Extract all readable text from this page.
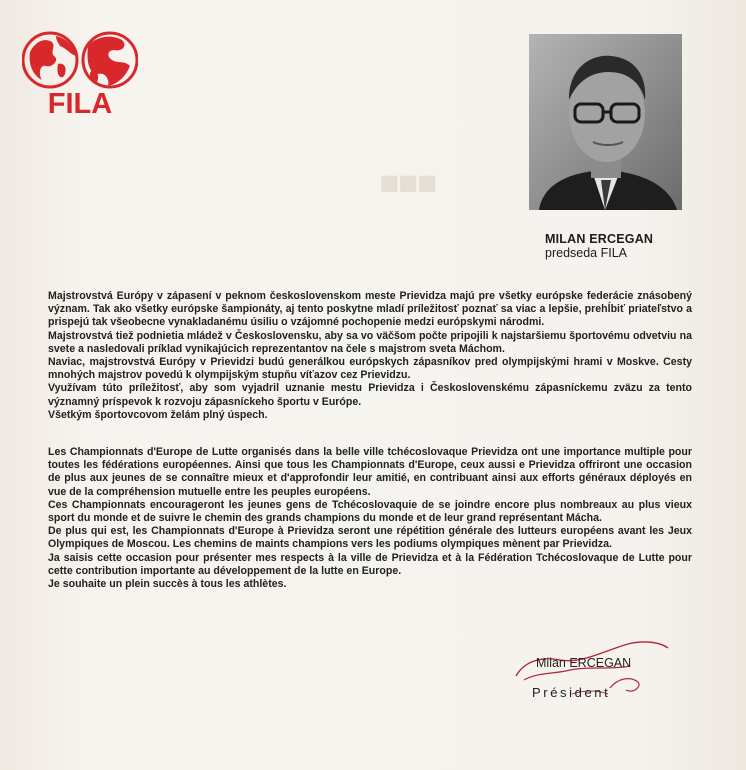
▩▩▩
FILA
MILAN ERCEGAN
predseda FILA

Majstrovstvá Európy v zápasení v peknom československom meste Prievidza majú pre všetky európske federácie znásobený význam. Tak ako všetky európske šampionáty, aj tento poskytne mladí príležitosť poznať sa viac a lepšie, prehĺbiť priateľstvo a prispejú tak všeobecne vynakladanému úsiliu o vzájomné pochopenie medzi európskymi národmi.

Majstrovstvá tiež podnietia mládež v Československu, aby sa vo väčšom počte pripojili k najstaršiemu športovému odvetviu na svete a nasledovali príklad vynikajúcich reprezentantov na čele s majstrom sveta Máchom.

Naviac, majstrovstvá Európy v Prievidzi budú generálkou európskych zápasníkov pred olympijskými hrami v Moskve. Cesty mnohých majstrov povedú k olympijským stupňu víťazov cez Prievidzu.

Využívam túto príležitosť, aby som vyjadril uznanie mestu Prievidza i Československému zápasníckemu zväzu za tento významný príspevok k rozvoju zápasníckeho športu v Európe.

Všetkým športovcovom želám plný úspech.

Les Championnats d'Europe de Lutte organisés dans la belle ville tchécoslovaque Prievidza ont une importance multiple pour toutes les fédérations européennes. Ainsi que tous les Championnats d'Europe, ceux aussi e Prievidza offriront une occasion de plus aux jeunes de se connaître mieux et d'approfondir leur amitié, en contribuant ainsi aux efforts généraux déployés en vue de la compréhension mutuelle entre les peuples européens.

Ces Championnats encourageront les jeunes gens de Tchécoslovaquie de se joindre encore plus nombreaux au plus vieux sport du monde et de suivre le chemin des grands champions du monde et de leur grand représentant Mácha.

De plus qui est, les Championnats d'Europe à Prievidza seront une répétition générale des lutteurs européens avant les Jeux Olympiques de Moscou. Les chemins de maints champions vers les podiums olympiques mènent par Prievidza.

Ja saisis cette occasion pour présenter mes respects à la ville de Prievidza et à la Fédération Tchécoslovaque de Lutte pour cette contribution importante au développement de la lutte en Europe.

Je souhaite un plein succès à tous les athlètes.

Milan ERCEGAN
Président
